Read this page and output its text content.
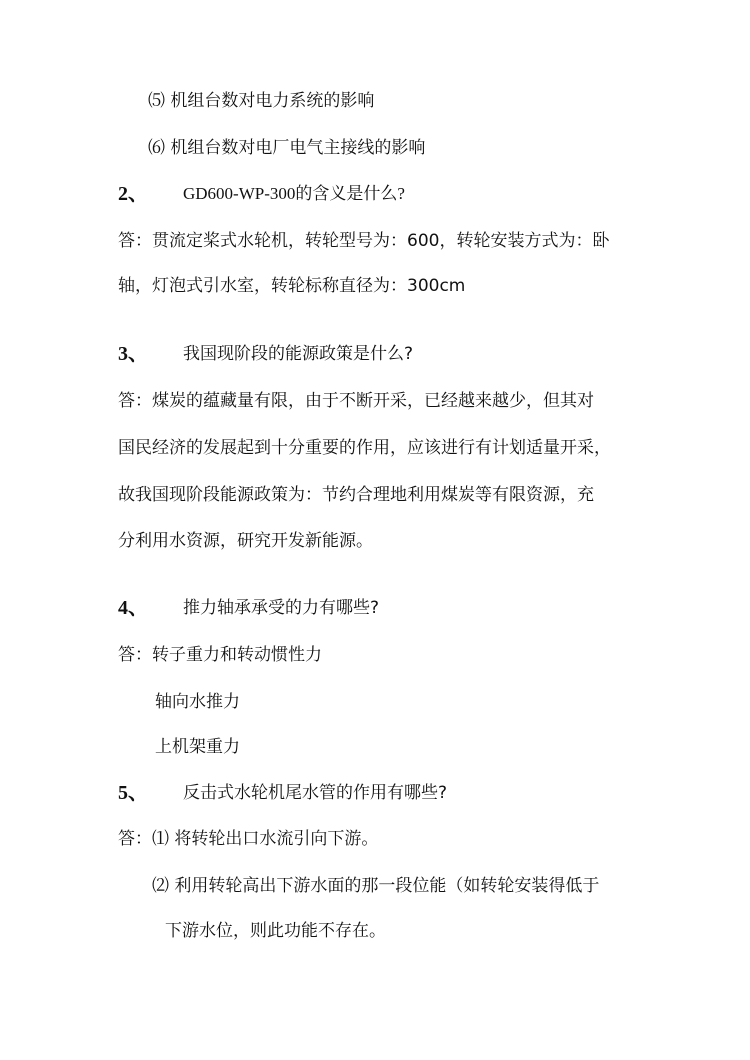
⑸ 机组台数对电力系统的影响
⑹ 机组台数对电厂电气主接线的影响
2、 GD600-WP-300的含义是什么?
答：贯流定桨式水轮机，转轮型号为：600，转轮安装方式为：卧
轴，灯泡式引水室，转轮标称直径为：300cm
3、 我国现阶段的能源政策是什么?
答：煤炭的蕴藏量有限，由于不断开采，已经越来越少，但其对
国民经济的发展起到十分重要的作用，应该进行有计划适量开采，
故我国现阶段能源政策为：节约合理地利用煤炭等有限资源，充
分利用水资源，研究开发新能源。
4、 推力轴承承受的力有哪些?
答：转子重力和转动惯性力
轴向水推力
上机架重力
5、 反击式水轮机尾水管的作用有哪些?
答：⑴ 将转轮出口水流引向下游。
⑵ 利用转轮高出下游水面的那一段位能（如转轮安装得低于
下游水位，则此功能不存在。
